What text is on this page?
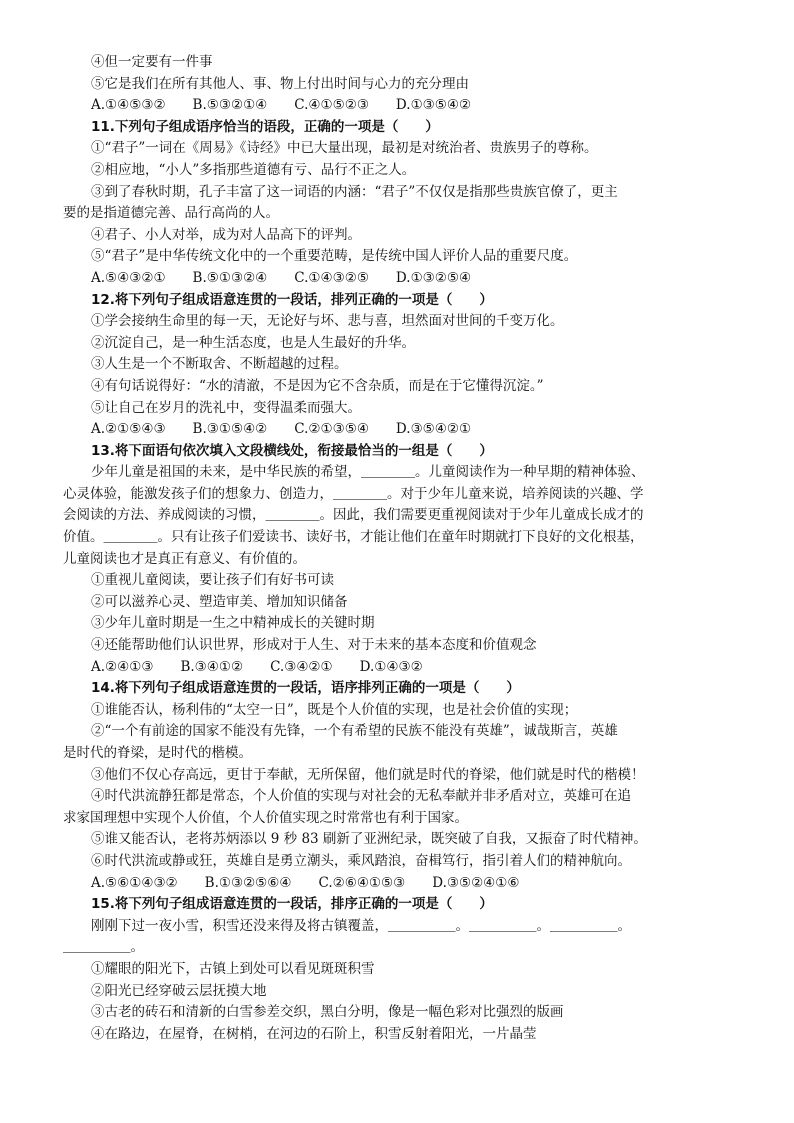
④但一定要有一件事
⑤它是我们在所有其他人、事、物上付出时间与心力的充分理由
A.①④⑤③②　　B.⑤③②①④　　C.④①⑤②③　　D.①③⑤④②
11.下列句子组成语序恰当的语段，正确的一项是（　　）
①“君子”一词在《周易》《诗经》中已大量出现，最初是对统治者、贵族男子的尊称。
②相应地，“小人”多指那些道德有亏、品行不正之人。
③到了春秋时期，孔子丰富了这一词语的内涵：“君子”不仅仅是指那些贵族官僚了，更主
要的是指道德完善、品行高尚的人。
④君子、小人对举，成为对人品高下的评判。
⑤“君子”是中华传统文化中的一个重要范畴，是传统中国人评价人品的重要尺度。
A.⑤④③②①　　B.⑤①③②④　　C.①④③②⑤　　D.①③②⑤④
12.将下列句子组成语意连贯的一段话，排列正确的一项是（　　）
①学会接纳生命里的每一天，无论好与坏、悲与喜，坦然面对世间的千变万化。
②沉淀自己，是一种生活态度，也是人生最好的升华。
③人生是一个不断取舍、不断超越的过程。
④有句话说得好：“水的清澈，不是因为它不含杂质，而是在于它懂得沉淀。”
⑤让自己在岁月的洗礼中，变得温柔而强大。
A.②①⑤④③　　B.③①⑤④②　　C.②①③⑤④　　D.③⑤④②①
13.将下面语句依次填入文段横线处，衔接最恰当的一组是（　　）
少年儿童是祖国的未来，是中华民族的希望，＿＿＿＿。儿童阅读作为一种早期的精神体验、
心灵体验，能激发孩子们的想象力、创造力，＿＿＿＿。对于少年儿童来说，培养阅读的兴趣、学
会阅读的方法、养成阅读的习惯，＿＿＿＿。因此，我们需要更重视阅读对于少年儿童成长成才的
价值。＿＿＿＿。只有让孩子们爱读书、读好书，才能让他们在童年时期就打下良好的文化根基，
儿童阅读也才是真正有意义、有价值的。
①重视儿童阅读，要让孩子们有好书可读
②可以滋养心灵、塑造审美、增加知识储备
③少年儿童时期是一生之中精神成长的关键时期
④还能帮助他们认识世界，形成对于人生、对于未来的基本态度和价值观念
A.②④①③　　B.③④①②　　C.③④②①　　D.①④③②
14.将下列句子组成语意连贯的一段话，语序排列正确的一项是（　　）
①谁能否认，杨利伟的“太空一日”，既是个人价值的实现，也是社会价值的实现；
②“一个有前途的国家不能没有先锋，一个有希望的民族不能没有英雄”，诚哉斯言，英雄
是时代的脊梁，是时代的楷模。
③他们不仅心存高远，更甘于奉献，无所保留，他们就是时代的脊梁，他们就是时代的楷模！
④时代洪流静狂都是常态，个人价值的实现与对社会的无私奉献并非矛盾对立，英雄可在追
求家国理想中实现个人价值，个人价值实现之时常常也有利于国家。
⑤谁又能否认，老将苏炳添以 9 秒 83 刷新了亚洲纪录，既突破了自我，又振奋了时代精神。
⑥时代洪流或静或狂，英雄自是勇立潮头，乘风踏浪，奋楫笃行，指引着人们的精神航向。
A.⑤⑥①④③②　　B.①③②⑤⑥④　　C.②⑥④①⑤③　　D.③⑤②④①⑥
15.将下列句子组成语意连贯的一段话，排序正确的一项是（　　）
刚刚下过一夜小雪，积雪还没来得及将古镇覆盖，＿＿＿＿＿。＿＿＿＿＿。＿＿＿＿＿。
＿＿＿＿＿。
①耀眼的阳光下，古镇上到处可以看见斑斑积雪
②阳光已经穿破云层抚摸大地
③古老的砖石和清新的白雪参差交织，黑白分明，像是一幅色彩对比强烈的版画
④在路边，在屋脊，在树梢，在河边的石阶上，积雪反射着阳光，一片晶莹
